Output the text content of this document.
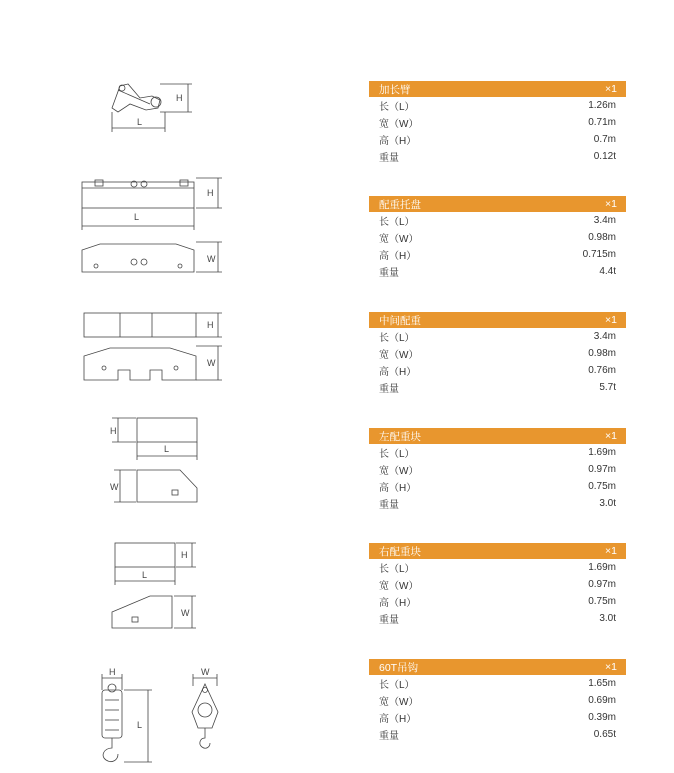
L
H
L
H
W
H
W
L
H
W
L
H
W
H
L
W
加长臂	×1
长（L）	1.26m
宽（W）	0.71m
高（H）	0.7m
重量	0.12t
配重托盘	×1
长（L）	3.4m
宽（W）	0.98m
高（H）	0.715m
重量	4.4t
中间配重	×1
长（L）	3.4m
宽（W）	0.98m
高（H）	0.76m
重量	5.7t
左配重块	×1
长（L）	1.69m
宽（W）	0.97m
高（H）	0.75m
重量	3.0t
右配重块	×1
长（L）	1.69m
宽（W）	0.97m
高（H）	0.75m
重量	3.0t
60T吊钩	×1
长（L）	1.65m
宽（W）	0.69m
高（H）	0.39m
重量	0.65t
